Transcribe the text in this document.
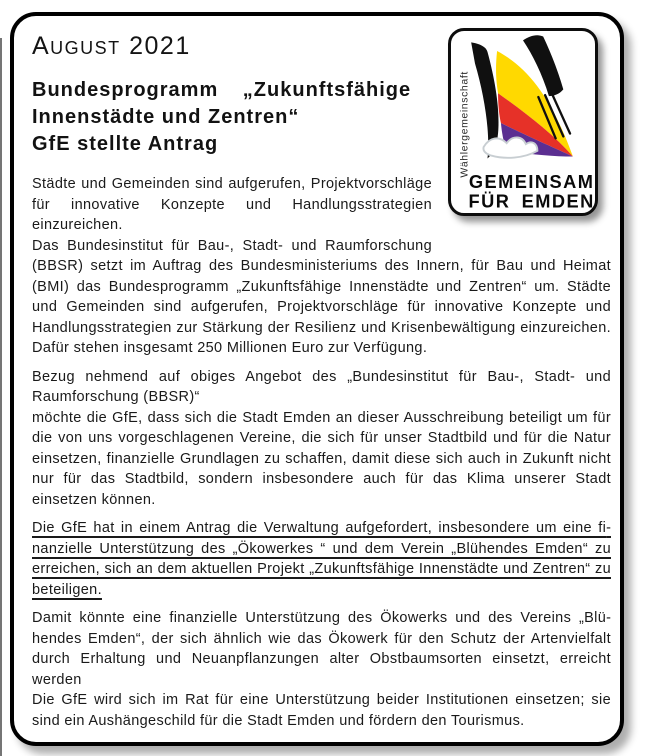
Wählergemeinschaft
GEMEINSAM
FÜR EMDEN
August 2021
Bundesprogramm „Zukunftsfähige
Innenstädte und Zentren“
GfE stellte Antrag

Städte und Gemeinden sind aufgerufen, Projektvorschläge für innovative Konzepte und Handlungsstrategien einzureichen.

Das Bundesinstitut für Bau-, Stadt- und Raumforschung (BBSR) setzt im Auftrag des Bundesministeriums des Innern, für Bau und Heimat (BMI) das Bundesprogramm „Zukunftsfähige Innenstädte und Zentren“ um. Städte und Gemeinden sind aufgerufen, Projektvorschläge für innovative Konzepte und Handlungsstrategien zur Stärkung der Resilienz und Krisenbewältigung einzureichen. Dafür stehen insgesamt 250 Millionen Euro zur Verfügung.

Bezug nehmend auf obiges Angebot des „Bundesinstitut für Bau-, Stadt- und Raumforschung (BBSR)“

möchte die GfE, dass sich die Stadt Emden an dieser Ausschreibung beteiligt um für die von uns vorgeschlagenen Vereine, die sich für unser Stadtbild und für die Natur einsetzen, finanzielle Grundlagen zu schaffen, damit diese sich auch in Zukunft nicht nur für das Stadtbild, sondern insbesondere auch für das Klima unserer Stadt einsetzen können.

Die GfE hat in einem Antrag die Verwaltung aufgefordert, insbesondere um eine finanzielle Unterstützung des „Ökowerkes “ und dem Verein „Blühendes Emden“ zu erreichen, sich an dem aktuellen Projekt „Zukunftsfähige Innenstädte und Zentren“ zu beteiligen.

Damit könnte eine finanzielle Unterstützung des Ökowerks und des Vereins „Blühendes Emden“, der sich ähnlich wie das Ökowerk für den Schutz der Artenvielfalt durch Erhaltung und Neuanpflanzungen alter Obstbaumsorten einsetzt, erreicht werden

Die GfE wird sich im Rat für eine Unterstützung beider Institutionen einsetzen; sie sind ein Aushängeschild für die Stadt Emden und fördern den Tourismus.
